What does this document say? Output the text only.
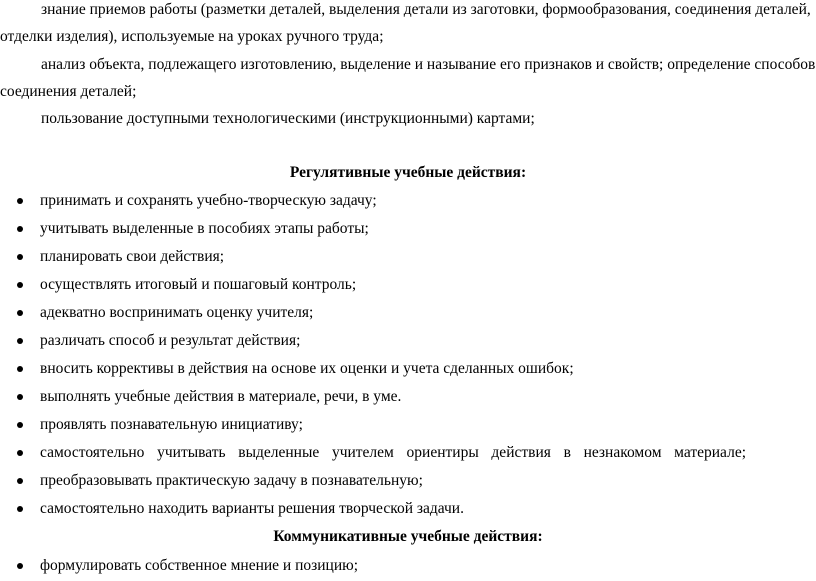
знание приемов работы (разметки деталей, выделения детали из заготовки, формообразования, соединения деталей,
отделки изделия), используемые на уроках ручного труда;
анализ объекта, подлежащего изготовлению, выделение и называние его признаков и свойств; определение способов
соединения деталей;
пользование доступными технологическими (инструкционными) картами;
Регулятивные учебные действия:
принимать и сохранять учебно-творческую задачу;
учитывать выделенные в пособиях этапы работы;
планировать свои действия;
осуществлять итоговый и пошаговый контроль;
адекватно воспринимать оценку учителя;
различать способ и результат действия;
вносить коррективы в действия на основе их оценки и учета сделанных ошибок;
выполнять учебные действия в материале, речи, в уме.
проявлять познавательную инициативу;
самостоятельно учитывать выделенные учителем ориентиры действия в незнакомом материале;
преобразовывать практическую задачу в познавательную;
самостоятельно находить варианты решения творческой задачи.
Коммуникативные учебные действия:
формулировать собственное мнение и позицию;
